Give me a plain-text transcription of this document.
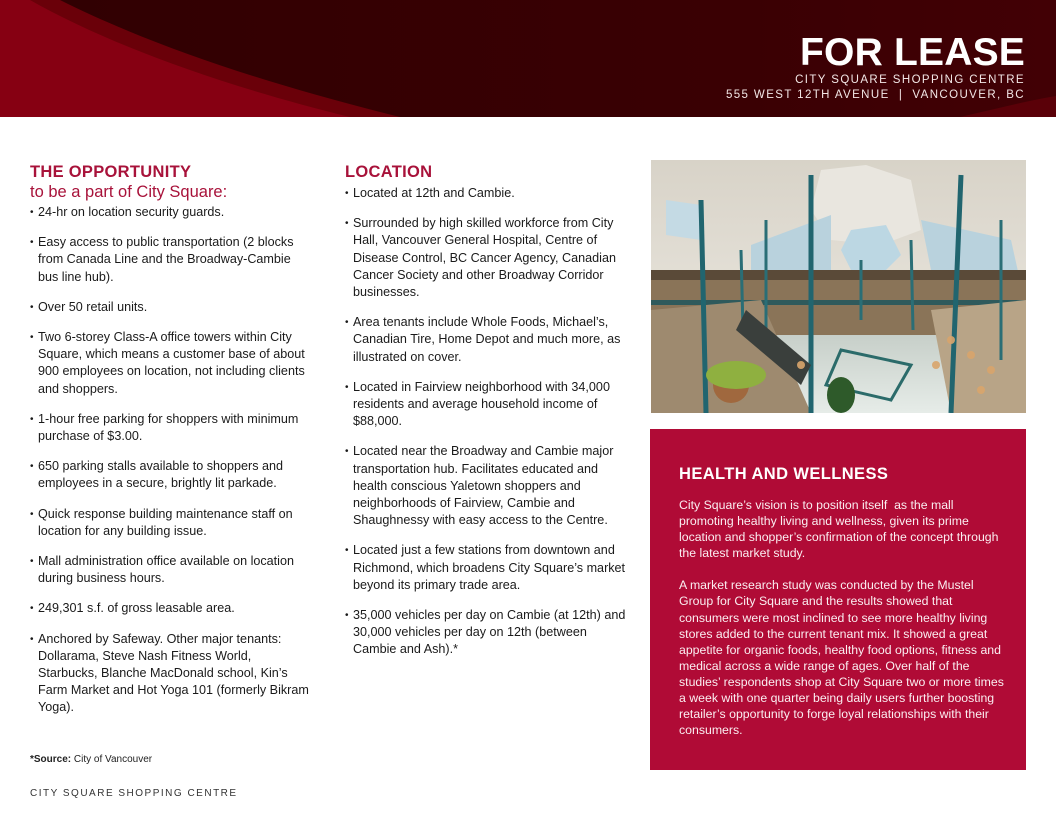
FOR LEASE
CITY SQUARE SHOPPING CENTRE
555 WEST 12TH AVENUE  |  VANCOUVER, BC
THE OPPORTUNITY
to be a part of City Square:
• 24-hr on location security guards.
• Easy access to public transportation (2 blocks from Canada Line and the Broadway-Cambie bus line hub).
• Over 50 retail units.
• Two 6-storey Class-A office towers within City Square, which means a customer base of about 900 employees on location, not including clients and shoppers.
• 1-hour free parking for shoppers with minimum purchase of $3.00.
• 650 parking stalls available to shoppers and employees in a secure, brightly lit parkade.
• Quick response building maintenance staff on location for any building issue.
• Mall administration office available on location during business hours.
• 249,301 s.f. of gross leasable area.
• Anchored by Safeway. Other major tenants: Dollarama, Steve Nash Fitness World, Starbucks, Blanche MacDonald school, Kin’s Farm Market and Hot Yoga 101 (formerly Bikram Yoga).
LOCATION
• Located at 12th and Cambie.
• Surrounded by high skilled workforce from City Hall, Vancouver General Hospital, Centre of Disease Control, BC Cancer Agency, Canadian Cancer Society and other Broadway Corridor businesses.
• Area tenants include Whole Foods, Michael’s, Canadian Tire, Home Depot and much more, as illustrated on cover.
• Located in Fairview neighborhood with 34,000 residents and average household income of $88,000.
• Located near the Broadway and Cambie major transportation hub. Facilitates educated and health conscious Yaletown shoppers and neighborhoods of Fairview, Cambie and Shaughnessy with easy access to the Centre.
• Located just a few stations from downtown and Richmond, which broadens City Square’s market beyond its primary trade area.
• 35,000 vehicles per day on Cambie (at 12th) and 30,000 vehicles per day on 12th (between Cambie and Ash).*
*Source: City of Vancouver
CITY SQUARE SHOPPING CENTRE
HEALTH AND WELLNESS

City Square’s vision is to position itself  as the mall promoting healthy living and wellness, given its prime location and shopper’s confirmation of the concept through the latest market study.

A market research study was conducted by the Mustel Group for City Square and the results showed that consumers were most inclined to see more healthy living stores added to the current tenant mix. It showed a great appetite for organic foods, healthy food options, fitness and medical across a wide range of ages. Over half of the studies’ respondents shop at City Square two or more times a week with one quarter being daily users further boosting retailer’s opportunity to forge loyal relationships with their consumers.
